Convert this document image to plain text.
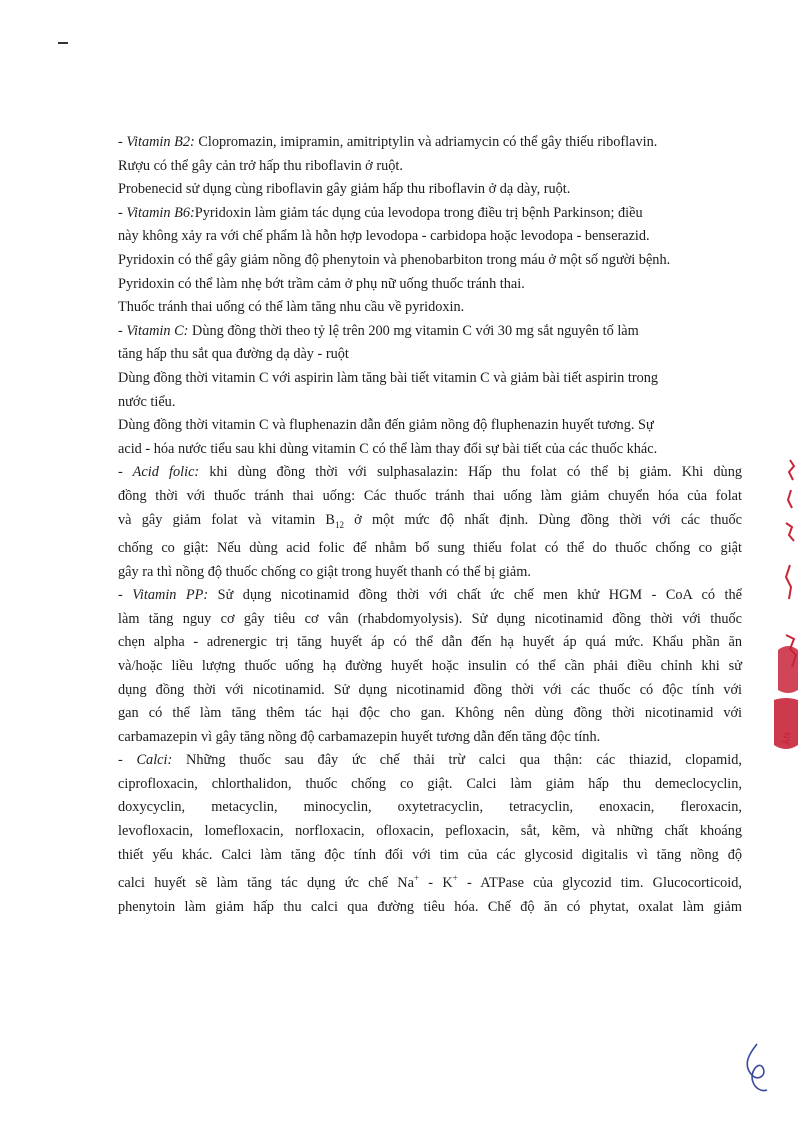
- Vitamin B2: Clopromazin, imipramin, amitriptylin và adriamycin có thể gây thiếu riboflavin.
Rượu có thể gây cản trở hấp thu riboflavin ở ruột.
Probenecid sử dụng cùng riboflavin gây giảm hấp thu riboflavin ở dạ dày, ruột.
- Vitamin B6:Pyridoxin làm giảm tác dụng của levodopa trong điều trị bệnh Parkinson; điều
này không xảy ra với chế phẩm là hỗn hợp levodopa - carbidopa hoặc levodopa - benserazid.
Pyridoxin có thể gây giảm nồng độ phenytoin và phenobarbiton trong máu ở một số người bệnh.
Pyridoxin có thể làm nhẹ bớt trầm cảm ở phụ nữ uống thuốc tránh thai.
Thuốc tránh thai uống có thể làm tăng nhu cầu về pyridoxin.
- Vitamin C: Dùng đồng thời theo tỷ lệ trên 200 mg vitamin C với 30 mg sắt nguyên tố làm
tăng hấp thu sắt qua đường dạ dày - ruột
Dùng đồng thời vitamin C với aspirin làm tăng bài tiết vitamin C và giảm bài tiết aspirin trong
nước tiểu.
Dùng đồng thời vitamin C và fluphenazin dẫn đến giảm nồng độ fluphenazin huyết tương. Sự
acid - hóa nước tiểu sau khi dùng vitamin C có thể làm thay đổi sự bài tiết của các thuốc khác.
- Acid folic: khi dùng đồng thời với sulphasalazin: Hấp thu folat có thể bị giảm. Khi dùng
đồng thời với thuốc tránh thai uống: Các thuốc tránh thai uống làm giảm chuyển hóa của folat
và gây giảm folat và vitamin $B_{12}$ ở một mức độ nhất định. Dùng đồng thời với các thuốc
chống co giật: Nếu dùng acid folic để nhằm bổ sung thiếu folat có thể do thuốc chống co giật
gây ra thì nồng độ thuốc chống co giật trong huyết thanh có thể bị giảm.
- Vitamin PP: Sử dụng nicotinamid đồng thời với chất ức chế men khử HGM - CoA có thể
làm tăng nguy cơ gây tiêu cơ vân (rhabdomyolysis). Sử dụng nicotinamid đồng thời với thuốc
chẹn alpha - adrenergic trị tăng huyết áp có thể dẫn đến hạ huyết áp quá mức. Khẩu phần ăn
và/hoặc liều lượng thuốc uống hạ đường huyết hoặc insulin có thể cần phải điều chỉnh khi sử
dụng đồng thời với nicotinamid. Sử dụng nicotinamid đồng thời với các thuốc có độc tính với
gan có thể làm tăng thêm tác hại độc cho gan. Không nên dùng đồng thời nicotinamid với
carbamazepin vì gây tăng nồng độ carbamazepin huyết tương dẫn đến tăng độc tính.
- Calci: Những thuốc sau đây ức chế thải trừ calci qua thận: các thiazid, clopamid,
ciprofloxacin, chlorthalidon, thuốc chống co giật. Calci làm giảm hấp thu demeclocyclin,
doxycyclin, metacyclin, minocyclin, oxytetracyclin, tetracyclin, enoxacin, fleroxacin,
levofloxacin, lomefloxacin, norfloxacin, ofloxacin, pefloxacin, sắt, kẽm, và những chất khoáng
thiết yếu khác. Calci làm tăng độc tính đối với tim của các glycosid digitalis vì tăng nồng độ
calci huyết sẽ làm tăng tác dụng ức chế Na+ - K+ - ATPase của glycozid tim. Glucocorticoid,
phenytoin làm giảm hấp thu calci qua đường tiêu hóa. Chế độ ăn có phytat, oxalat làm giảm
ẦN
